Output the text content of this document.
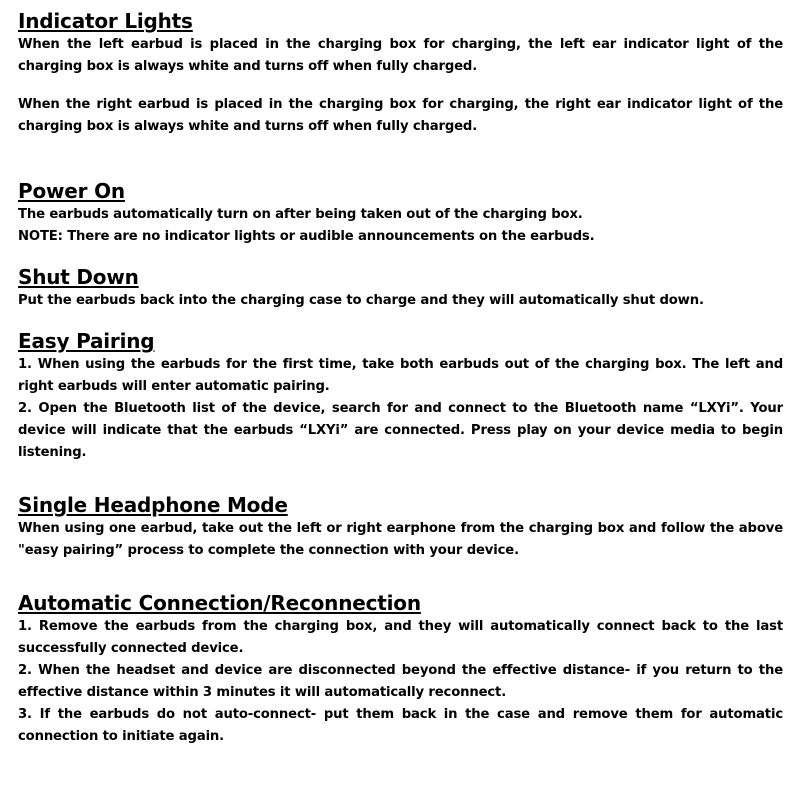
Indicator Lights

When the left earbud is placed in the charging box for charging, the left ear indicator light of the charging box is always white and turns off when fully charged.

When the right earbud is placed in the charging box for charging, the right ear indicator light of the charging box is always white and turns off when fully charged.

Power On

The earbuds automatically turn on after being taken out of the charging box.

NOTE: There are no indicator lights or audible announcements on the earbuds.

Shut Down

Put the earbuds back into the charging case to charge and they will automatically shut down.

Easy Pairing

1. When using the earbuds for the first time, take both earbuds out of the charging box. The left and right earbuds will enter automatic pairing.

2. Open the Bluetooth list of the device, search for and connect to the Bluetooth name “LXYi”. Your device will indicate that the earbuds “LXYi” are connected. Press play on your device media to begin listening.

Single Headphone Mode

When using one earbud, take out the left or right earphone from the charging box and follow the above "easy pairing” process to complete the connection with your device.

Automatic Connection/Reconnection

1. Remove the earbuds from the charging box, and they will automatically connect back to the last successfully connected device.

2. When the headset and device are disconnected beyond the effective distance- if you return to the effective distance within 3 minutes it will automatically reconnect.

3. If the earbuds do not auto-connect- put them back in the case and remove them for automatic connection to initiate again.
